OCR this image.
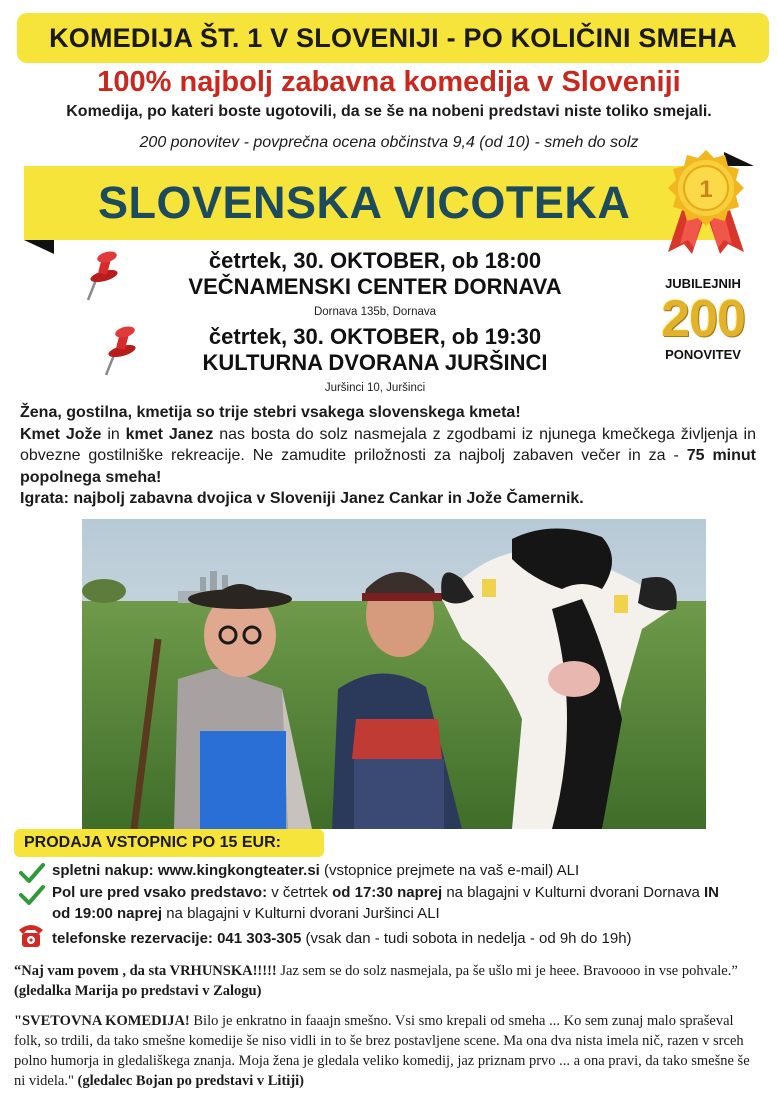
KOMEDIJA ŠT. 1 V SLOVENIJI - PO KOLIČINI SMEHA
100% najbolj zabavna komedija v Sloveniji
Komedija, po kateri boste ugotovili, da se še na nobeni predstavi niste toliko smejali.
200 ponovitev - povprečna ocena občinstva 9,4 (od 10) - smeh do solz
SLOVENSKA VICOTEKA	1
četrtek, 30. OKTOBER, ob 18:00
VEČNAMENSKI CENTER DORNAVA
Dornava 135b, Dornava
četrtek, 30. OKTOBER, ob 19:30
KULTURNA DVORANA JURŠINCI
Juršinci 10, Juršinci
JUBILEJNIH
200
PONOVITEV
Žena, gostilna, kmetija so trije stebri vsakega slovenskega kmeta!
Kmet Jože in kmet Janez nas bosta do solz nasmejala z zgodbami iz njunega kmečkega življenja in obvezne gostilniške rekreacije. Ne zamudite priložnosti za najbolj zabaven večer in za - 75 minut popolnega smeha!
Igrata: najbolj zabavna dvojica v Sloveniji Janez Cankar in Jože Čamernik.
PRODAJA VSTOPNIC PO 15 EUR:
spletni nakup: www.kingkongteater.si (vstopnice prejmete na vaš e-mail) ALI
Pol ure pred vsako predstavo: v četrtek od 17:30 naprej na blagajni v Kulturni dvorani Dornava IN
od 19:00 naprej na blagajni v Kulturni dvorani Juršinci ALI
telefonske rezervacije: 041 303-305 (vsak dan - tudi sobota in nedelja - od 9h do 19h)
“Naj vam povem , da sta VRHUNSKA!!!!! Jaz sem se do solz nasmejala, pa še ušlo mi je heee. Bravoooo in vse pohvale.” (gledalka Marija po predstavi v Zalogu)
"SVETOVNA KOMEDIJA! Bilo je enkratno in faaajn smešno. Vsi smo krepali od smeha ... Ko sem zunaj malo spraševal folk, so trdili, da tako smešne komedije še niso vidli in to še brez postavljene scene. Ma ona dva nista imela nič, razen v srceh polno humorja in gledališkega znanja. Moja žena je gledala veliko komedij, jaz priznam prvo ... a ona pravi, da tako smešne še ni videla." (gledalec Bojan po predstavi v Litiji)
